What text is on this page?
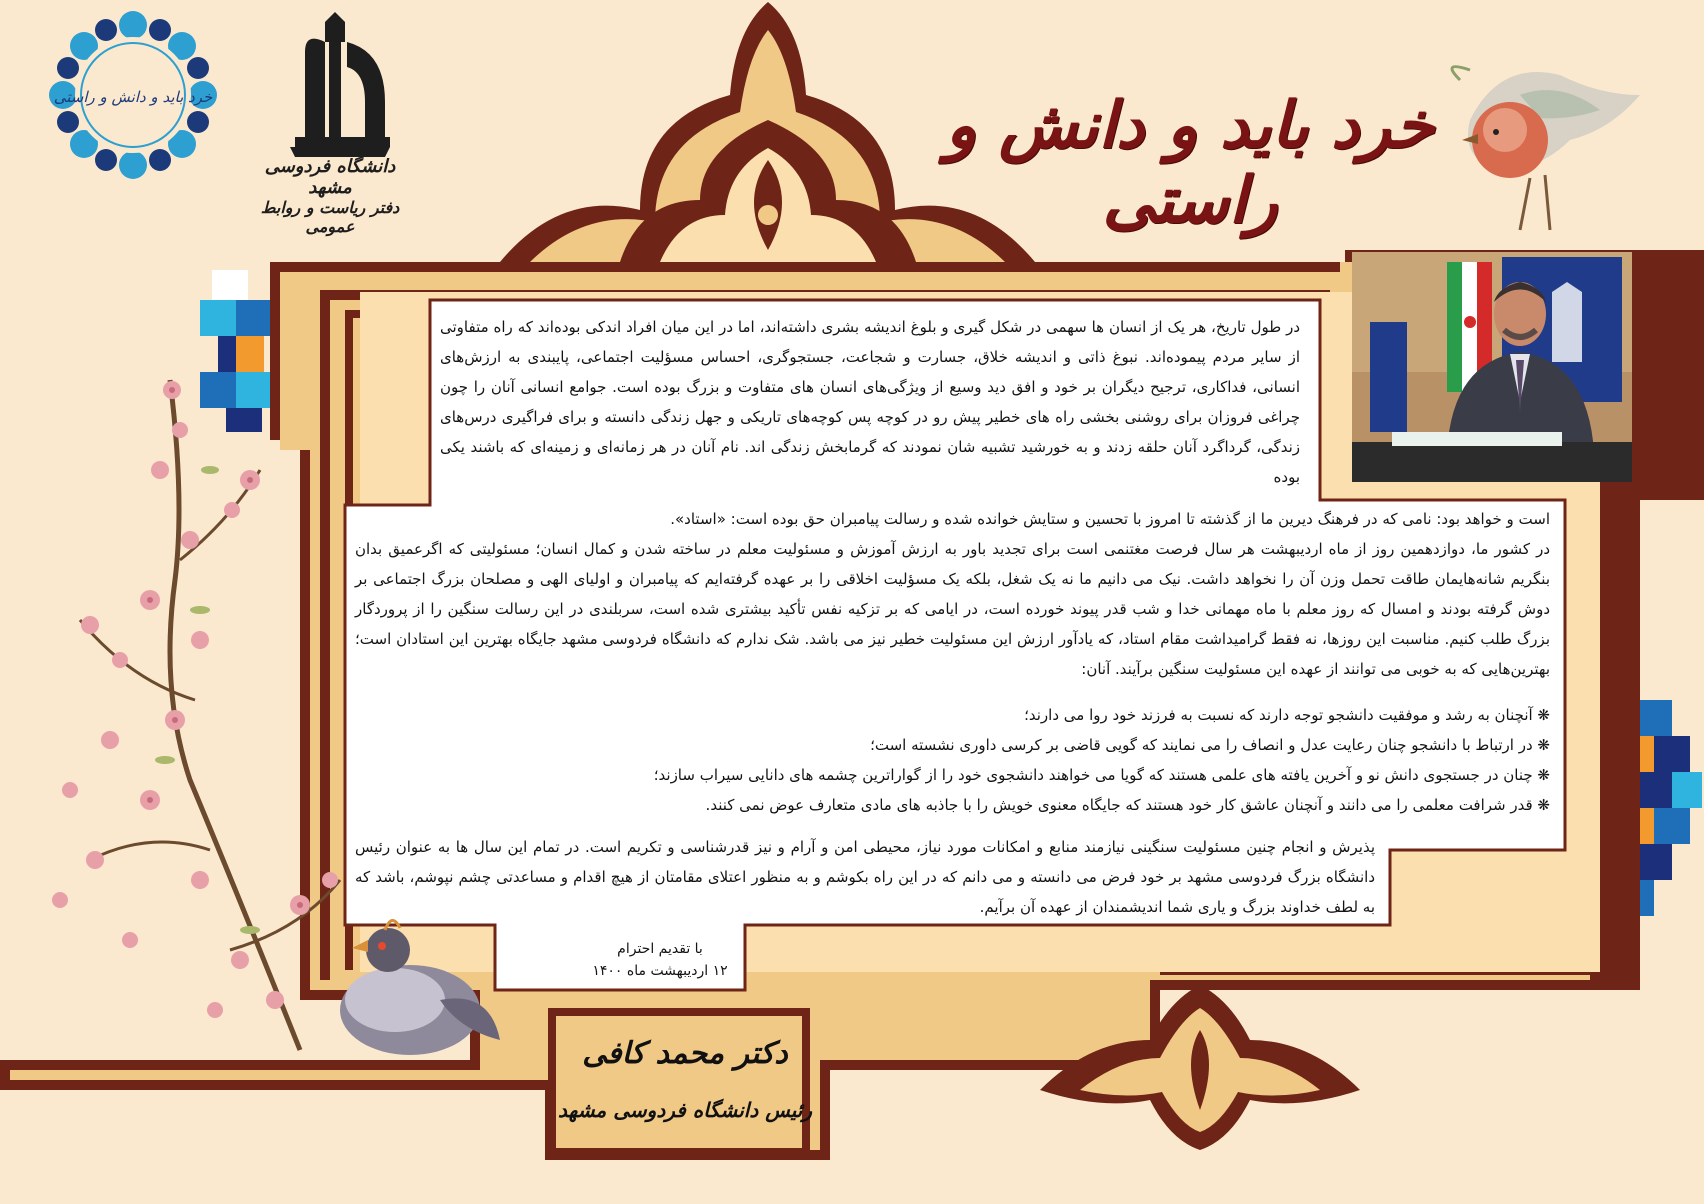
خرد باید و دانش و راستی
دانشگاه فردوسی مشهد
دفتر ریاست و روابط عمومی
خرد باید و دانش و راستی
در طول تاریخ، هر یک از انسان ها سهمی در شکل گیری و بلوغ اندیشه بشری داشته‌اند، اما در این میان افراد اندکی بوده‌اند که راه متفاوتی از سایر مردم پیموده‌اند. نبوغ ذاتی و اندیشه خلاق، جسارت و شجاعت، جستجوگری، احساس مسؤلیت اجتماعی، پایبندی به ارزش‌های انسانی، فداکاری، ترجیح دیگران بر خود و افق دید وسیع از ویژگی‌های انسان های متفاوت و بزرگ بوده است. جوامع انسانی آنان را چون چراغی فروزان برای روشنی بخشی راه های خطیر پیش رو در کوچه پس کوچه‌های تاریکی و جهل زندگی دانسته و برای فراگیری درس‌های زندگی، گرداگرد آنان حلقه زدند و به خورشید تشبیه شان نمودند که گرمابخش زندگی اند. نام آنان در هر زمانه‌ای و زمینه‌ای که باشند یکی بوده
است و خواهد بود: نامی که در فرهنگ دیرین ما از گذشته تا امروز با تحسین و ستایش خوانده شده و رسالت پیامبران حق بوده است: «استاد».
در کشور ما، دوازدهمین روز از ماه اردیبهشت هر سال فرصت مغتنمی است برای تجدید باور به ارزش آموزش و مسئولیت معلم در ساخته شدن و کمال انسان؛ مسئولیتی که اگرعمیق بدان بنگریم شانه‌هایمان طاقت تحمل وزن آن را نخواهد داشت. نیک می دانیم ما نه یک شغل، بلکه یک مسؤلیت اخلاقی را بر عهده گرفته‌ایم که پیامبران و اولیای الهی و مصلحان بزرگ اجتماعی بر دوش گرفته بودند و امسال که روز معلم با ماه مهمانی خدا و شب قدر پیوند خورده است، در ایامی که بر تزکیه نفس تأکید بیشتری شده است، سربلندی در این رسالت سنگین را از پروردگار بزرگ طلب کنیم. مناسبت این روزها، نه فقط گرامیداشت مقام استاد، که یادآور ارزش این مسئولیت خطیر نیز می باشد. شک ندارم که دانشگاه فردوسی مشهد جایگاه بهترین این استادان است؛ بهترین‌هایی که به خوبی می توانند از عهده این مسئولیت سنگین برآیند. آنان:
❋ آنچنان به رشد و موفقیت دانشجو توجه دارند که نسبت به فرزند خود روا می دارند؛
❋ در ارتباط با دانشجو چنان رعایت عدل و انصاف را می نمایند که گویی قاضی بر کرسی داوری نشسته است؛
❋ چنان در جستجوی دانش نو و آخرین یافته های علمی هستند که گویا می خواهند دانشجوی خود را از گواراترین چشمه های دانایی سیراب سازند؛
❋ قدر شرافت معلمی را می دانند و آنچنان عاشق کار خود هستند که جایگاه معنوی خویش را با جاذبه های مادی متعارف عوض نمی کنند.
پذیرش و انجام چنین مسئولیت سنگینی نیازمند منابع و امکانات مورد نیاز، محیطی امن و آرام و نیز قدرشناسی و تکریم است. در تمام این سال ها به عنوان رئیس دانشگاه بزرگ فردوسی مشهد بر خود فرض می دانسته و می دانم که در این راه بکوشم و به منظور اعتلای مقامتان از هیچ اقدام و مساعدتی چشم نپوشم، باشد که به لطف خداوند بزرگ و یاری شما اندیشمندان از عهده آن برآیم.
با تقدیم احترام
۱۲ اردیبهشت ماه ۱۴۰۰
دکتر محمد کافی
رئیس دانشگاه فردوسی مشهد
